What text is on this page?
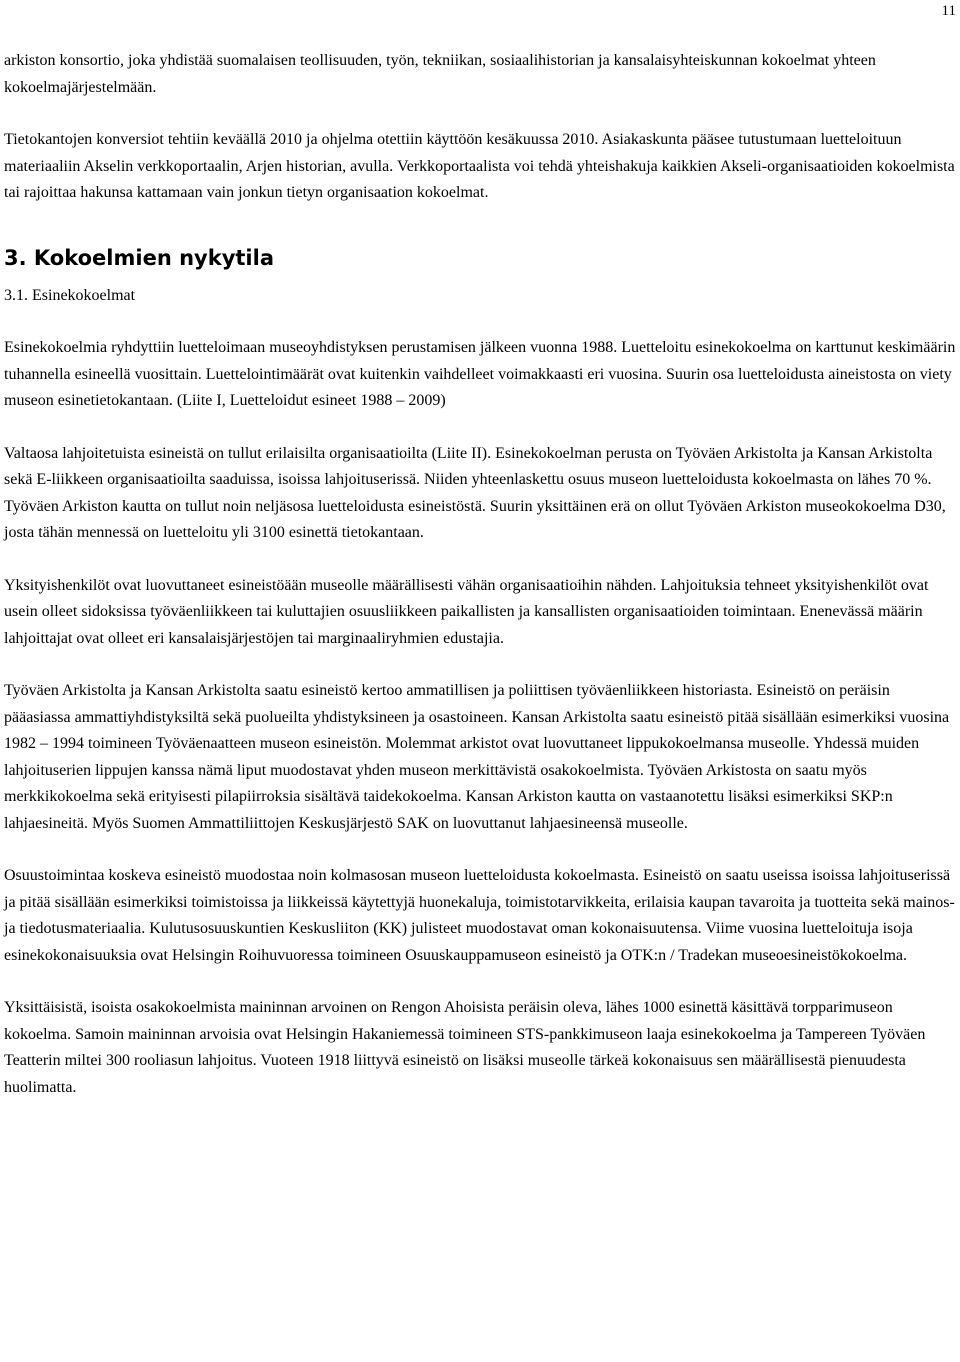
11

arkiston konsortio, joka yhdistää suomalaisen teollisuuden, työn, tekniikan, sosiaalihistorian ja kansalaisyhteiskunnan kokoelmat yhteen kokoelmajärjestelmään.

Tietokantojen konversiot tehtiin keväällä 2010 ja ohjelma otettiin käyttöön kesäkuussa 2010. Asiakaskunta pääsee tutustumaan luetteloituun materiaaliin Akselin verkkoportaalin, Arjen historian, avulla. Verkkoportaalista voi tehdä yhteishakuja kaikkien Akseli-organisaatioiden kokoelmista tai rajoittaa hakunsa kattamaan vain jonkun tietyn organisaation kokoelmat.

3. Kokoelmien nykytila

3.1. Esinekokoelmat

Esinekokoelmia ryhdyttiin luetteloimaan museoyhdistyksen perustamisen jälkeen vuonna 1988. Luetteloitu esinekokoelma on karttunut keskimäärin tuhannella esineellä vuosittain. Luettelointimäärät ovat kuitenkin vaihdelleet voimakkaasti eri vuosina. Suurin osa luetteloidusta aineistosta on viety museon esinetietokantaan. (Liite I, Luetteloidut esineet 1988 – 2009)

Valtaosa lahjoitetuista esineistä on tullut erilaisilta organisaatioilta (Liite II). Esinekokoelman perusta on Työväen Arkistolta ja Kansan Arkistolta sekä E-liikkeen organisaatioilta saaduissa, isoissa lahjoituserissä. Niiden yhteenlaskettu osuus museon luetteloidusta kokoelmasta on lähes 70 %. Työväen Arkiston kautta on tullut noin neljäsosa luetteloidusta esineistöstä. Suurin yksittäinen erä on ollut Työväen Arkiston museokokoelma D30, josta tähän mennessä on luetteloitu yli 3100 esinettä tietokantaan.

Yksityishenkilöt ovat luovuttaneet esineistöään museolle määrällisesti vähän organisaatioihin nähden. Lahjoituksia tehneet yksityishenkilöt ovat usein olleet sidoksissa työväenliikkeen tai kuluttajien osuusliikkeen paikallisten ja kansallisten organisaatioiden toimintaan. Enenevässä määrin lahjoittajat ovat olleet eri kansalaisjärjestöjen tai marginaaliryhmien edustajia.

Työväen Arkistolta ja Kansan Arkistolta saatu esineistö kertoo ammatillisen ja poliittisen työväenliikkeen historiasta. Esineistö on peräisin pääasiassa ammattiyhdistyksiltä sekä puolueilta yhdistyksineen ja osastoineen. Kansan Arkistolta saatu esineistö pitää sisällään esimerkiksi vuosina 1982 – 1994 toimineen Työväenaatteen museon esineistön. Molemmat arkistot ovat luovuttaneet lippukokoelmansa museolle. Yhdessä muiden lahjoituserien lippujen kanssa nämä liput muodostavat yhden museon merkittävistä osakokoelmista. Työväen Arkistosta on saatu myös merkkikokoelma sekä erityisesti pilapiirroksia sisältävä taidekokoelma. Kansan Arkiston kautta on vastaanotettu lisäksi esimerkiksi SKP:n lahjaesineitä. Myös Suomen Ammattiliittojen Keskusjärjestö SAK on luovuttanut lahjaesineensä museolle.

Osuustoimintaa koskeva esineistö muodostaa noin kolmasosan museon luetteloidusta kokoelmasta. Esineistö on saatu useissa isoissa lahjoituserissä ja pitää sisällään esimerkiksi toimistoissa ja liikkeissä käytettyjä huonekaluja, toimistotarvikkeita, erilaisia kaupan tavaroita ja tuotteita sekä mainos- ja tiedotusmateriaalia. Kulutusosuuskuntien Keskusliiton (KK) julisteet muodostavat oman kokonaisuutensa. Viime vuosina luetteloituja isoja esinekokonaisuuksia ovat Helsingin Roihuvuoressa toimineen Osuuskauppamuseon esineistö ja OTK:n / Tradekan museoesineistökokoelma.

Yksittäisistä, isoista osakokoelmista maininnan arvoinen on Rengon Ahoisista peräisin oleva, lähes 1000 esinettä käsittävä torpparimuseon kokoelma. Samoin maininnan arvoisia ovat Helsingin Hakaniemessä toimineen STS-pankkimuseon laaja esinekokoelma ja Tampereen Työväen Teatterin miltei 300 rooliasun lahjoitus. Vuoteen 1918 liittyvä esineistö on lisäksi museolle tärkeä kokonaisuus sen määrällisestä pienuudesta huolimatta.
